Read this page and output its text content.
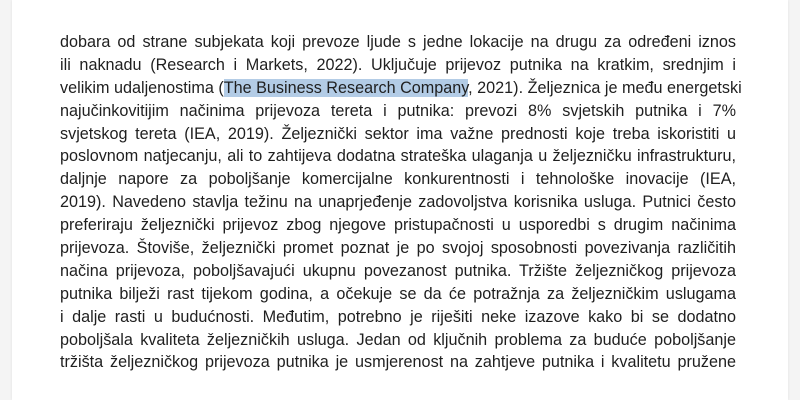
dobara od strane subjekata koji prevoze ljude s jedne lokacije na drugu za određeni iznos
ili naknadu (Research i Markets, 2022). Uključuje prijevoz putnika na kratkim, srednjim i
velikim udaljenostima (The Business Research Company, 2021). Željeznica je među energetski
najučinkovitijim načinima prijevoza tereta i putnika: prevozi 8% svjetskih putnika i 7%
svjetskog tereta (IEA, 2019). Željeznički sektor ima važne prednosti koje treba iskoristiti u
poslovnom natjecanju, ali to zahtijeva dodatna strateška ulaganja u željezničku infrastrukturu,
daljnje napore za poboljšanje komercijalne konkurentnosti i tehnološke inovacije (IEA,
2019). Navedeno stavlja težinu na unaprjeđenje zadovoljstva korisnika usluga. Putnici često
preferiraju željeznički prijevoz zbog njegove pristupačnosti u usporedbi s drugim načinima
prijevoza. Štoviše, željeznički promet poznat je po svojoj sposobnosti povezivanja različitih
načina prijevoza, poboljšavajući ukupnu povezanost putnika. Tržište željezničkog prijevoza
putnika bilježi rast tijekom godina, a očekuje se da će potražnja za željezničkim uslugama
i dalje rasti u budućnosti. Međutim, potrebno je riješiti neke izazove kako bi se dodatno
poboljšala kvaliteta željezničkih usluga. Jedan od ključnih problema za buduće poboljšanje
tržišta željezničkog prijevoza putnika je usmjerenost na zahtjeve putnika i kvalitetu pružene
